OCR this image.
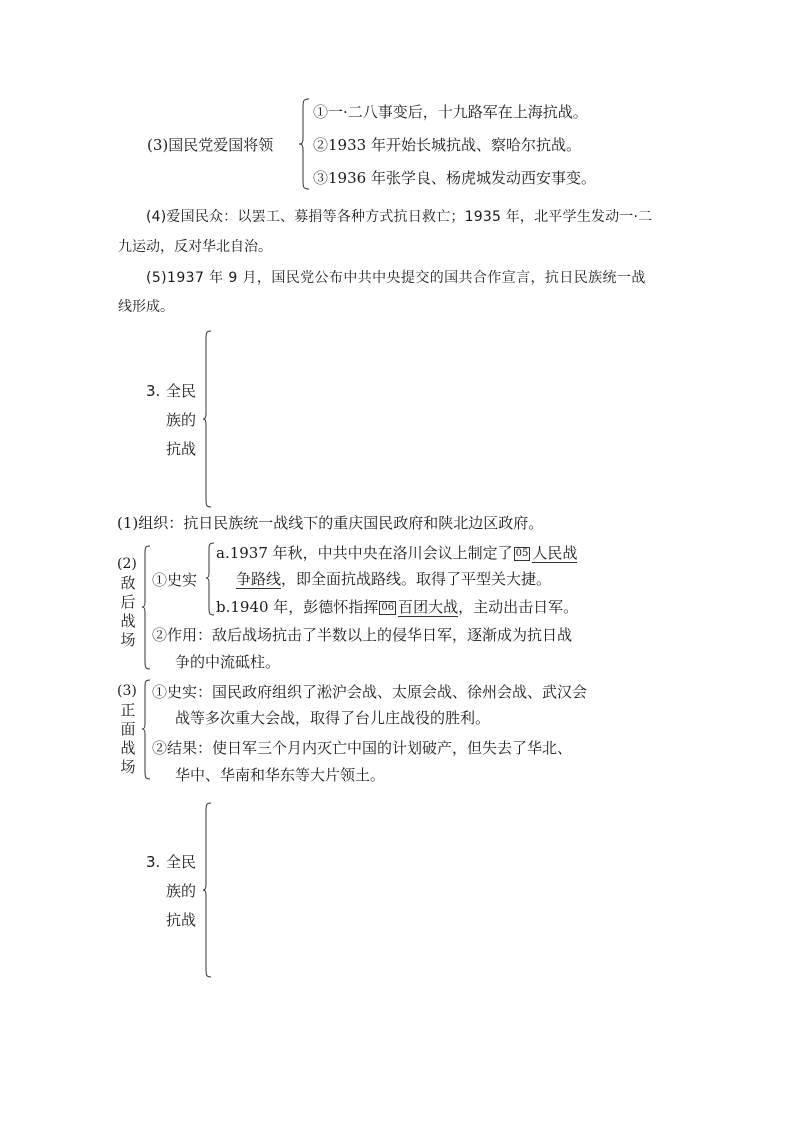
(3)国民党爱国将领
①一·二八事变后，十九路军在上海抗战。
②1933 年开始长城抗战、察哈尔抗战。
③1936 年张学良、杨虎城发动西安事变。
(4)爱国民众：以罢工、募捐等各种方式抗日救亡；1935 年，北平学生发动一·二
九运动，反对华北自治。
(5)1937 年 9 月，国民党公布中共中央提交的国共合作宣言，抗日民族统一战
线形成。
3. 全民
族的
抗战
(1)组织：抗日民族统一战线下的重庆国民政府和陕北边区政府。
(2)
敌
后
战
场
①史实
a.1937 年秋，中共中央在洛川会议上制定了 05 人民战
争路线，即全面抗战路线。取得了平型关大捷。
b.1940 年，彭德怀指挥 06 百团大战，主动出击日军。
②作用：敌后战场抗击了半数以上的侵华日军，逐渐成为抗日战
争的中流砥柱。
(3)
正
面
战
场
①史实：国民政府组织了淞沪会战、太原会战、徐州会战、武汉会
战等多次重大会战，取得了台儿庄战役的胜利。
②结果：使日军三个月内灭亡中国的计划破产，但失去了华北、
华中、华南和华东等大片领土。
3. 全民
族的
抗战
